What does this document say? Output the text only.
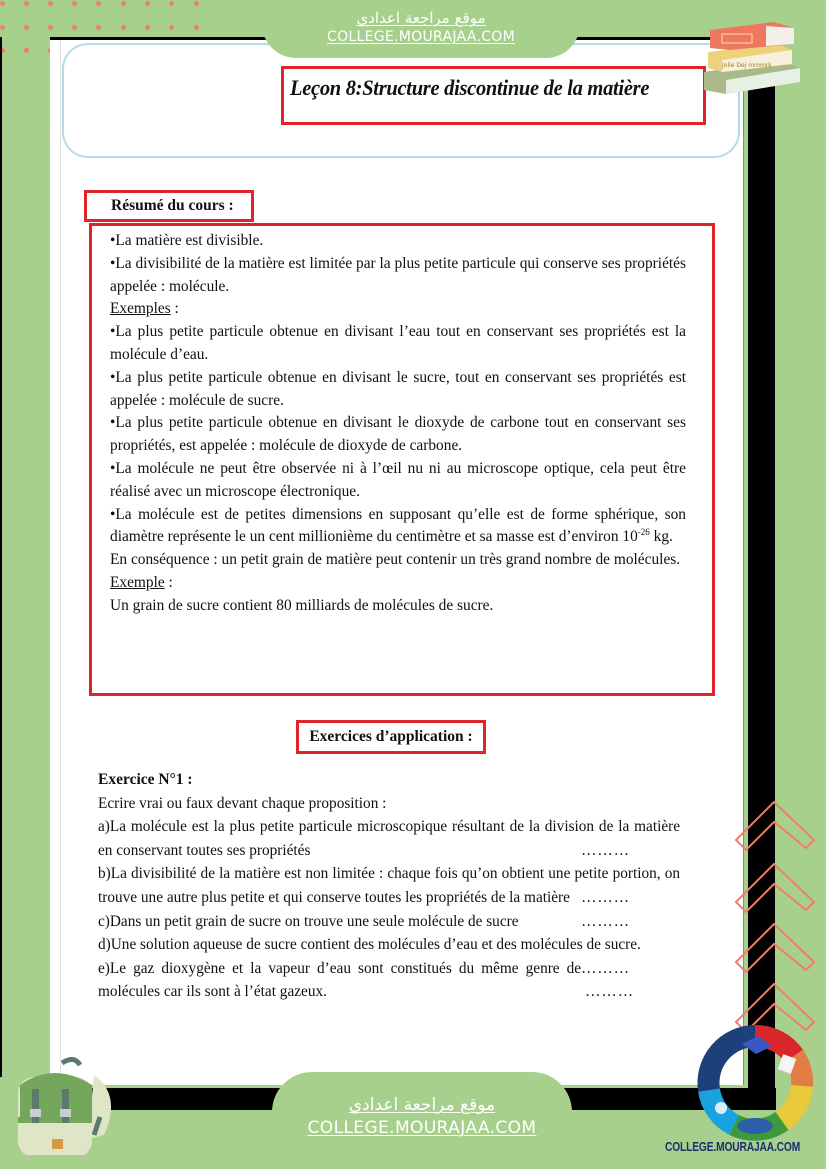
Leçon 8:Structure discontinue de la matière
Résumé du cours :

•La matière est divisible.

•La divisibilité de la matière est limitée par la plus petite particule qui conserve ses propriétés appelée : molécule.

Exemples :

•La plus petite particule obtenue en divisant l’eau tout en conservant ses propriétés est la molécule d’eau.

•La plus petite particule obtenue en divisant le sucre, tout en conservant ses propriétés est appelée : molécule de sucre.

•La plus petite particule obtenue en divisant le dioxyde de carbone tout en conservant ses propriétés, est appelée : molécule de dioxyde de carbone.

•La molécule ne peut être observée ni à l’œil nu ni au microscope optique, cela peut être réalisé avec un microscope électronique.

•La molécule est de petites dimensions en supposant qu’elle est de forme sphérique, son diamètre représente le un cent millionième du centimètre et sa masse est d’environ $10^{-26}$ kg.

En conséquence : un petit grain de matière peut contenir un très grand nombre de molécules.

Exemple :

Un grain de sucre contient 80 milliards de molécules de sucre.

Exercices d’application :

Exercice N°1 :

Ecrire vrai ou faux devant chaque proposition :

a)La molécule est la plus petite particule microscopique résultant de la division de la matière en conservant toutes ses propriétés	………

b)La divisibilité de la matière est non limitée : chaque fois qu’on obtient une petite portion, on trouve une autre plus petite et qui conserve toutes les propriétés de la matière ………

c)Dans un petit grain de sucre on trouve une seule molécule de sucre	………

d)Une solution aqueuse de sucre contient des molécules d’eau et des molécules de sucre.
………

e)Le gaz dioxygène et la vapeur d’eau sont constitués du même genre de molécules car ils sont à l’état gazeux.	………

موقع مراجعة اعدادي
COLLEGE.MOURAJAA.COM
موقع مراجعة اعدادي
COLLEGE.MOURAJAA.COM
Jolie Dej mmmrk
COLLEGE.MOURAJAA.COM
